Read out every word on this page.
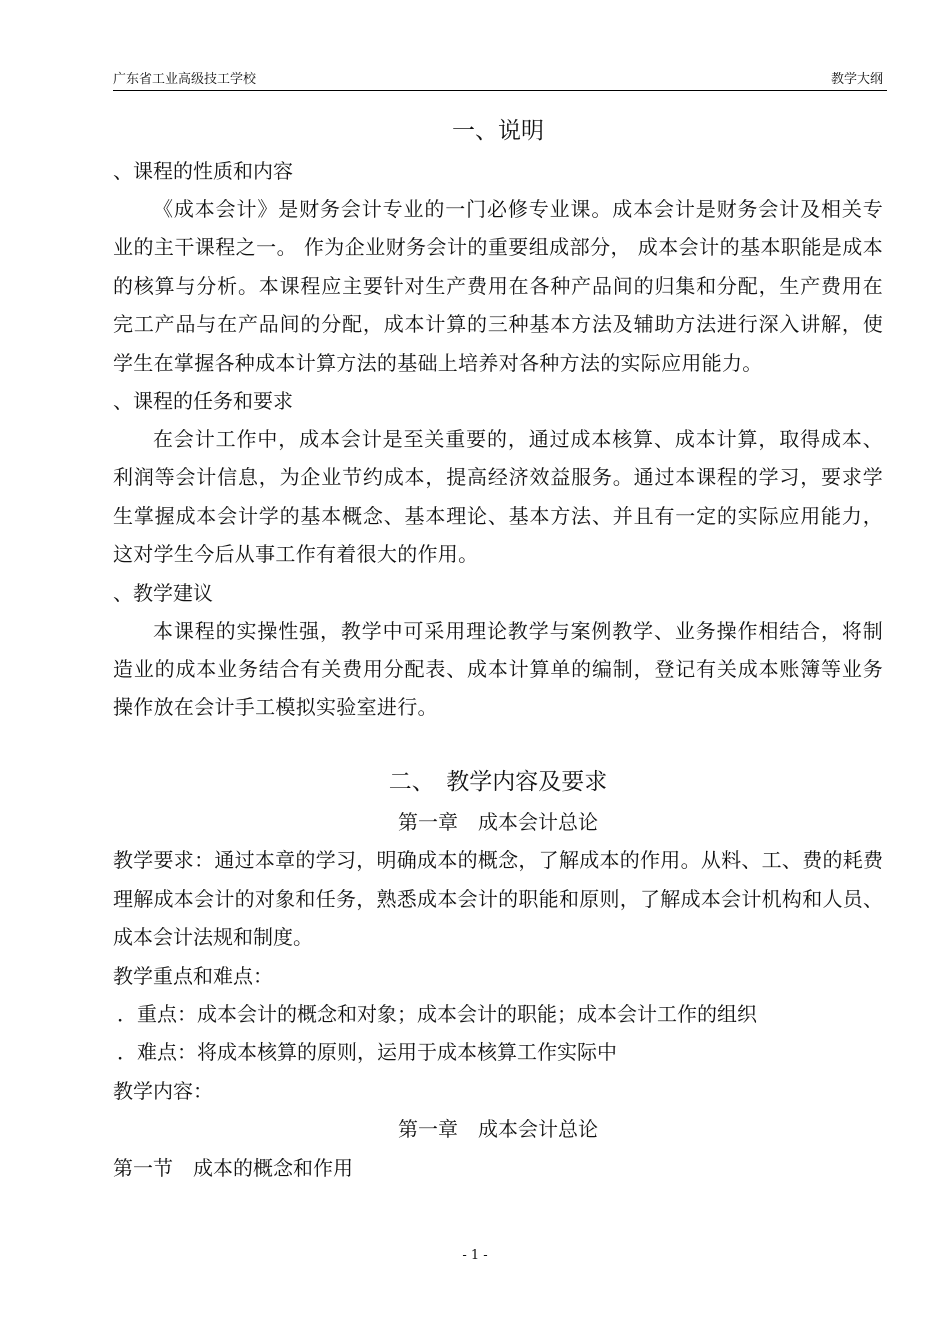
广东省工业高级技工学校	教学大纲

一、说明

、课程的性质和内容

《成本会计》是财务会计专业的一门必修专业课。成本会计是财务会计及相关专业的主干课程之一。 作为企业财务会计的重要组成部分， 成本会计的基本职能是成本的核算与分析。本课程应主要针对生产费用在各种产品间的归集和分配，生产费用在完工产品与在产品间的分配，成本计算的三种基本方法及辅助方法进行深入讲解，使学生在掌握各种成本计算方法的基础上培养对各种方法的实际应用能力。

、课程的任务和要求

在会计工作中，成本会计是至关重要的，通过成本核算、成本计算，取得成本、利润等会计信息，为企业节约成本，提高经济效益服务。通过本课程的学习，要求学生掌握成本会计学的基本概念、基本理论、基本方法、并且有一定的实际应用能力，这对学生今后从事工作有着很大的作用。

、教学建议

本课程的实操性强，教学中可采用理论教学与案例教学、业务操作相结合，将制造业的成本业务结合有关费用分配表、成本计算单的编制，登记有关成本账簿等业务操作放在会计手工模拟实验室进行。

二、　教学内容及要求

第一章　成本会计总论

教学要求：通过本章的学习，明确成本的概念，了解成本的作用。从料、工、费的耗费理解成本会计的对象和任务，熟悉成本会计的职能和原则，了解成本会计机构和人员、成本会计法规和制度。

教学重点和难点：

．重点：成本会计的概念和对象；成本会计的职能；成本会计工作的组织

．难点：将成本核算的原则，运用于成本核算工作实际中

教学内容：

第一章　成本会计总论

第一节　成本的概念和作用

- 1 -
